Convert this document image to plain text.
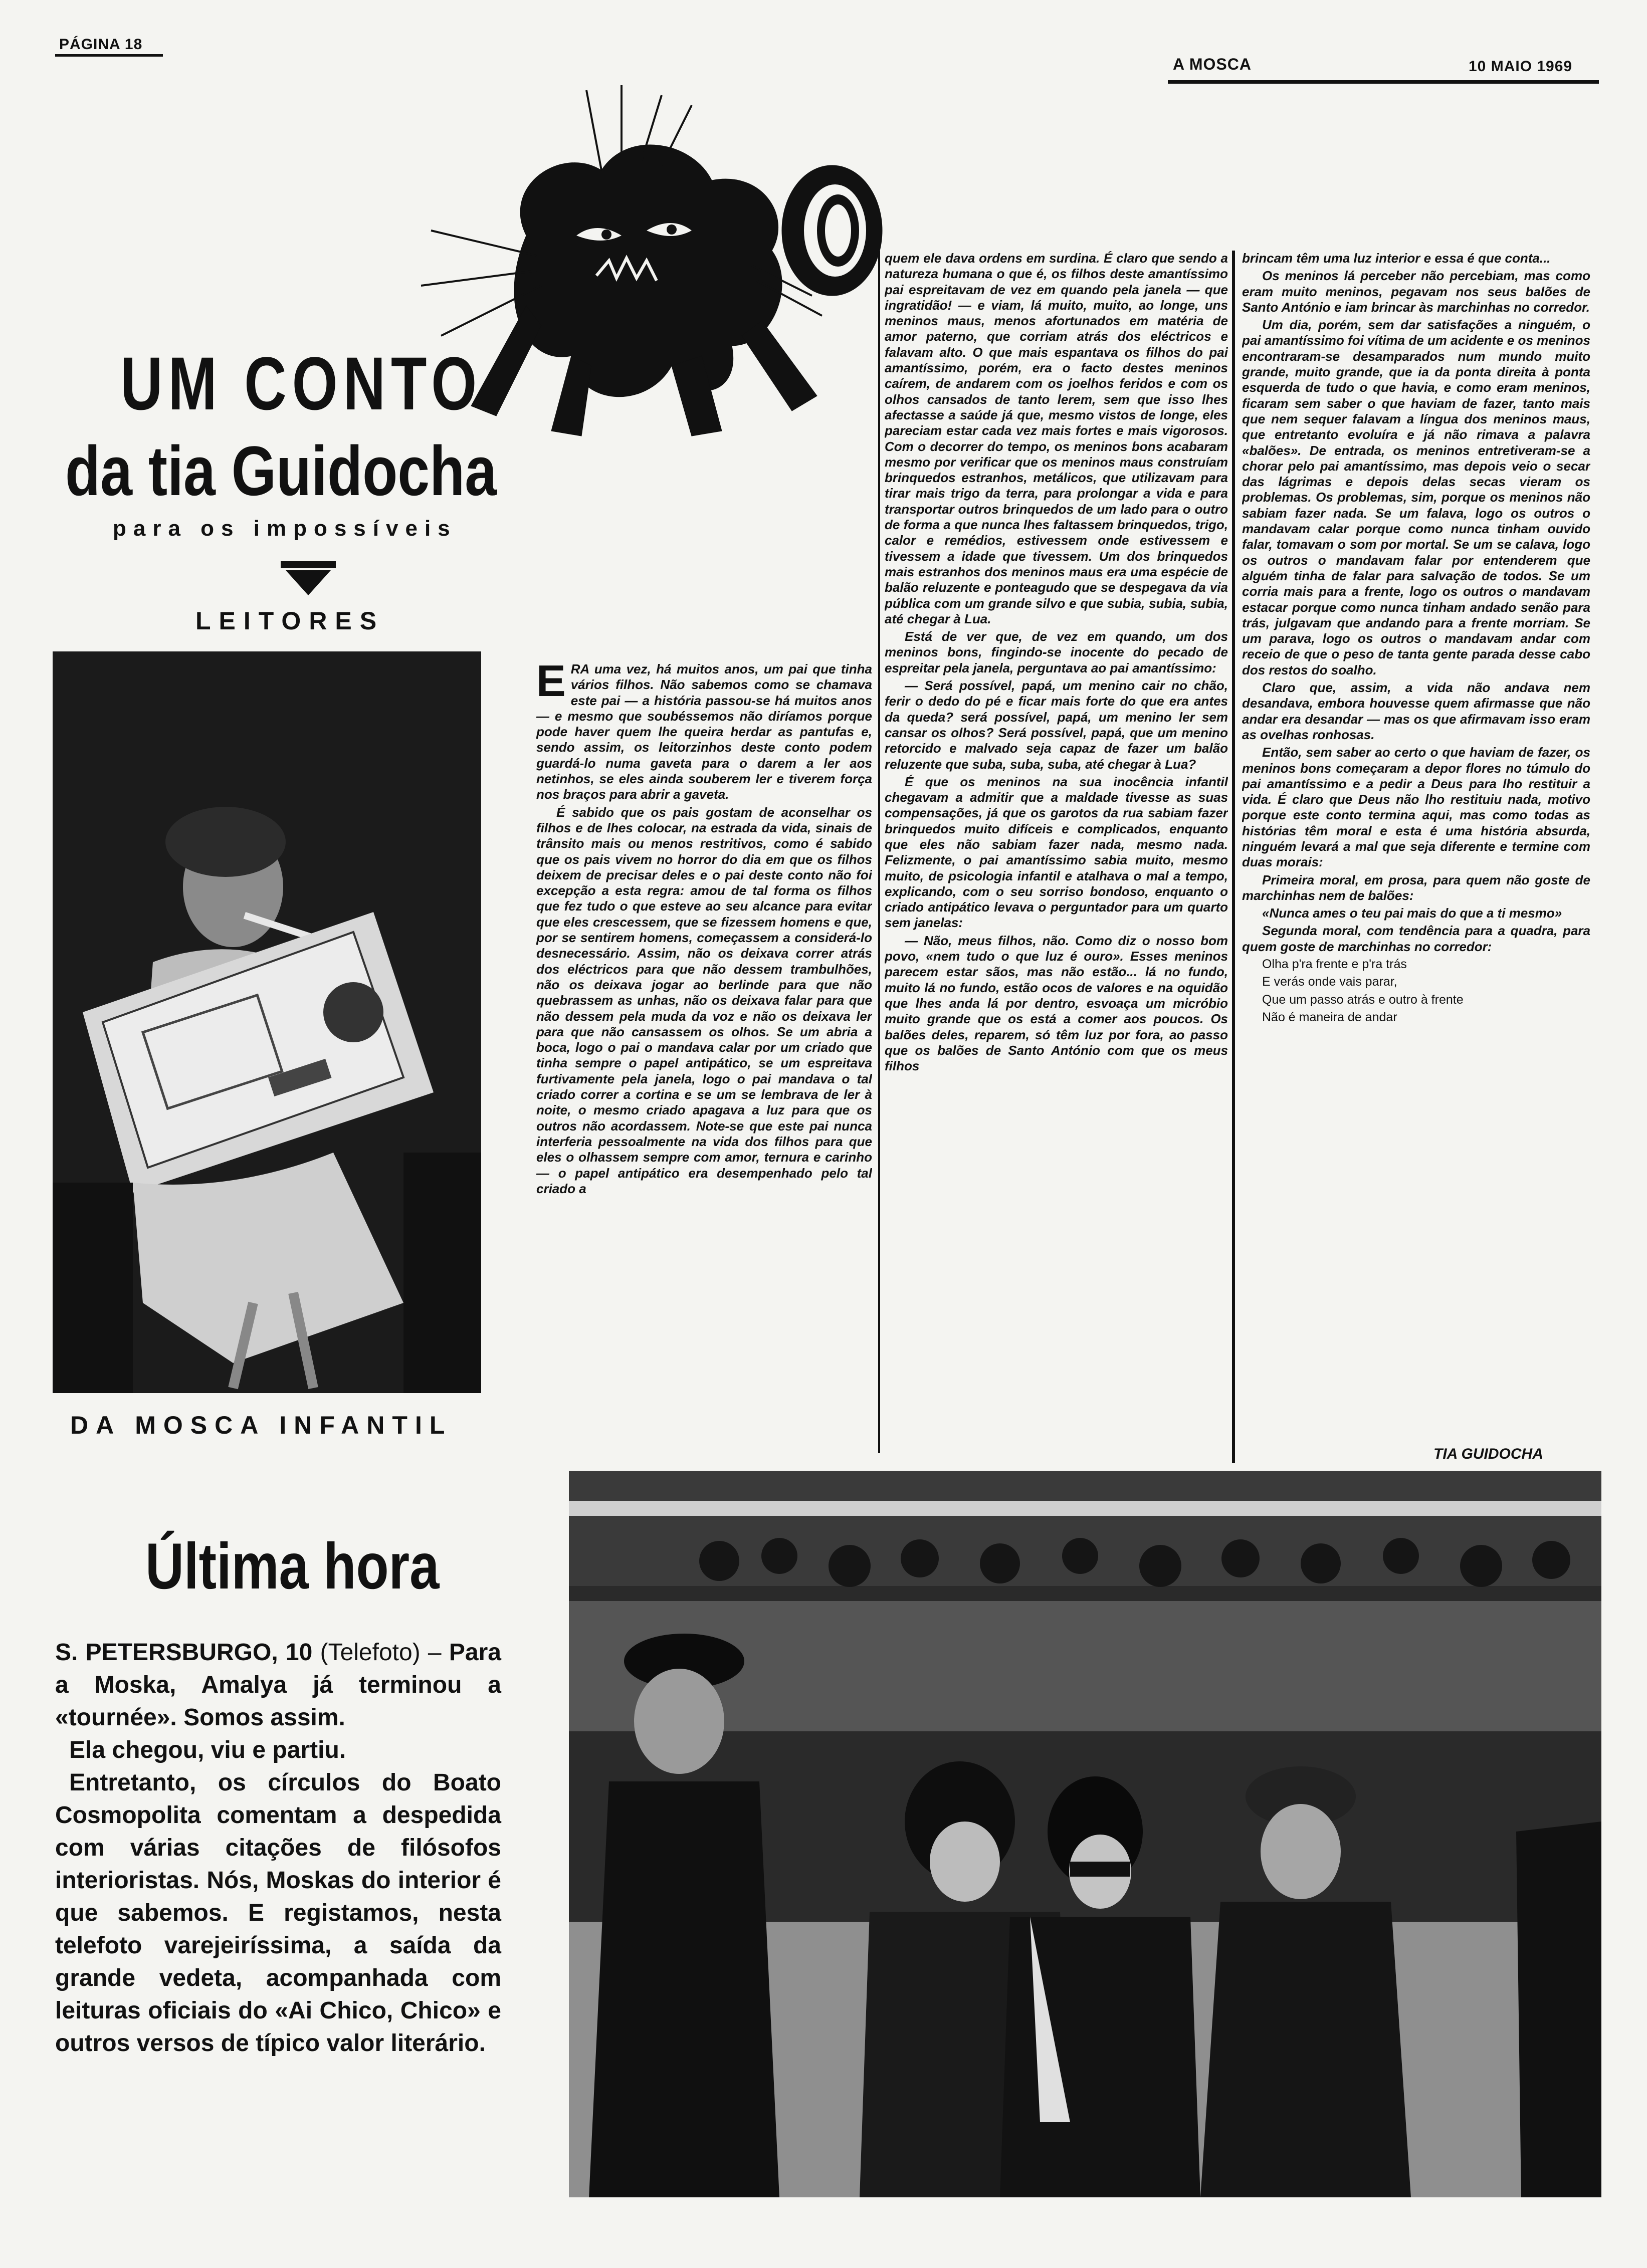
PÁGINA 18
A MOSCA	10 MAIO 1969
UM CONTO
da tia Guidocha
para os impossíveis
LEITORES
DA MOSCA INFANTIL

ERA uma vez, há muitos anos, um pai que tinha vários filhos. Não sabemos como se chamava este pai — a história passou-se há muitos anos — e mesmo que soubéssemos não diríamos porque pode haver quem lhe queira herdar as pantufas e, sendo assim, os leitorzinhos deste conto podem guardá-lo numa gaveta para o darem a ler aos netinhos, se eles ainda souberem ler e tiverem força nos braços para abrir a gaveta.

É sabido que os pais gostam de aconselhar os filhos e de lhes colocar, na estrada da vida, sinais de trânsito mais ou menos restritivos, como é sabido que os pais vivem no horror do dia em que os filhos deixem de precisar deles e o pai deste conto não foi excepção a esta regra: amou de tal forma os filhos que fez tudo o que esteve ao seu alcance para evitar que eles crescessem, que se fizessem homens e que, por se sentirem homens, começassem a considerá-lo desnecessário. Assim, não os deixava correr atrás dos eléctricos para que não dessem trambulhões, não os deixava jogar ao berlinde para que não quebrassem as unhas, não os deixava falar para que não dessem pela muda da voz e não os deixava ler para que não cansassem os olhos. Se um abria a boca, logo o pai o mandava calar por um criado que tinha sempre o papel antipático, se um espreitava furtivamente pela janela, logo o pai mandava o tal criado correr a cortina e se um se lembrava de ler à noite, o mesmo criado apagava a luz para que os outros não acordassem. Note-se que este pai nunca interferia pessoalmente na vida dos filhos para que eles o olhassem sempre com amor, ternura e carinho — o papel antipático era desempenhado pelo tal criado a

quem ele dava ordens em surdina. É claro que sendo a natureza humana o que é, os filhos deste amantíssimo pai espreitavam de vez em quando pela janela — que ingratidão! — e viam, lá muito, muito, ao longe, uns meninos maus, menos afortunados em matéria de amor paterno, que corriam atrás dos eléctricos e falavam alto. O que mais espantava os filhos do pai amantíssimo, porém, era o facto destes meninos caírem, de andarem com os joelhos feridos e com os olhos cansados de tanto lerem, sem que isso lhes afectasse a saúde já que, mesmo vistos de longe, eles pareciam estar cada vez mais fortes e mais vigorosos. Com o decorrer do tempo, os meninos bons acabaram mesmo por verificar que os meninos maus construíam brinquedos estranhos, metálicos, que utilizavam para tirar mais trigo da terra, para prolongar a vida e para transportar outros brinquedos de um lado para o outro de forma a que nunca lhes faltassem brinquedos, trigo, calor e remédios, estivessem onde estivessem e tivessem a idade que tivessem. Um dos brinquedos mais estranhos dos meninos maus era uma espécie de balão reluzente e ponteagudo que se despegava da via pública com um grande silvo e que subia, subia, subia, até chegar à Lua.

Está de ver que, de vez em quando, um dos meninos bons, fingindo-se inocente do pecado de espreitar pela janela, perguntava ao pai amantíssimo:

— Será possível, papá, um menino cair no chão, ferir o dedo do pé e ficar mais forte do que era antes da queda? será possível, papá, um menino ler sem cansar os olhos? Será possível, papá, que um menino retorcido e malvado seja capaz de fazer um balão reluzente que suba, suba, suba, até chegar à Lua?

É que os meninos na sua inocência infantil chegavam a admitir que a maldade tivesse as suas compensações, já que os garotos da rua sabiam fazer brinquedos muito difíceis e complicados, enquanto que eles não sabiam fazer nada, mesmo nada. Felizmente, o pai amantíssimo sabia muito, mesmo muito, de psicologia infantil e atalhava o mal a tempo, explicando, com o seu sorriso bondoso, enquanto o criado antipático levava o perguntador para um quarto sem janelas:

— Não, meus filhos, não. Como diz o nosso bom povo, «nem tudo o que luz é ouro». Esses meninos parecem estar sãos, mas não estão... lá no fundo, muito lá no fundo, estão ocos de valores e na oquidão que lhes anda lá por dentro, esvoaça um micróbio muito grande que os está a comer aos poucos. Os balões deles, reparem, só têm luz por fora, ao passo que os balões de Santo António com que os meus filhos

brincam têm uma luz interior e essa é que conta...

Os meninos lá perceber não percebiam, mas como eram muito meninos, pegavam nos seus balões de Santo António e iam brincar às marchinhas no corredor.

Um dia, porém, sem dar satisfações a ninguém, o pai amantíssimo foi vítima de um acidente e os meninos encontraram-se desamparados num mundo muito grande, muito grande, que ia da ponta direita à ponta esquerda de tudo o que havia, e como eram meninos, ficaram sem saber o que haviam de fazer, tanto mais que nem sequer falavam a língua dos meninos maus, que entretanto evoluíra e já não rimava a palavra «balões». De entrada, os meninos entretiveram-se a chorar pelo pai amantíssimo, mas depois veio o secar das lágrimas e depois delas secas vieram os problemas. Os problemas, sim, porque os meninos não sabiam fazer nada. Se um falava, logo os outros o mandavam calar porque como nunca tinham ouvido falar, tomavam o som por mortal. Se um se calava, logo os outros o mandavam falar por entenderem que alguém tinha de falar para salvação de todos. Se um corria mais para a frente, logo os outros o mandavam estacar porque como nunca tinham andado senão para trás, julgavam que andando para a frente morriam. Se um parava, logo os outros o mandavam andar com receio de que o peso de tanta gente parada desse cabo dos restos do soalho.

Claro que, assim, a vida não andava nem desandava, embora houvesse quem afirmasse que não andar era desandar — mas os que afirmavam isso eram as ovelhas ronhosas.

Então, sem saber ao certo o que haviam de fazer, os meninos bons começaram a depor flores no túmulo do pai amantíssimo e a pedir a Deus para lho restituir a vida. É claro que Deus não lho restituiu nada, motivo porque este conto termina aqui, mas como todas as histórias têm moral e esta é uma história absurda, ninguém levará a mal que seja diferente e termine com duas morais:

Primeira moral, em prosa, para quem não goste de marchinhas nem de balões:

«Nunca ames o teu pai mais do que a ti mesmo»

Segunda moral, com tendência para a quadra, para quem goste de marchinhas no corredor:

Olha p'ra frente e p'ra trás

E verás onde vais parar,

Que um passo atrás e outro à frente

Não é maneira de andar

TIA GUIDOCHA
Última hora

S. PETERSBURGO, 10 (Telefoto) – Para a Moska, Amalya já terminou a «tournée». Somos assim.

Ela chegou, viu e partiu.

Entretanto, os círculos do Boato Cosmopolita comentam a despedida com várias citações de filósofos interioristas. Nós, Moskas do interior é que sabemos. E registamos, nesta telefoto varejeiríssima, a saída da grande vedeta, acompanhada com leituras oficiais do «Ai Chico, Chico» e outros versos de típico valor literário.
